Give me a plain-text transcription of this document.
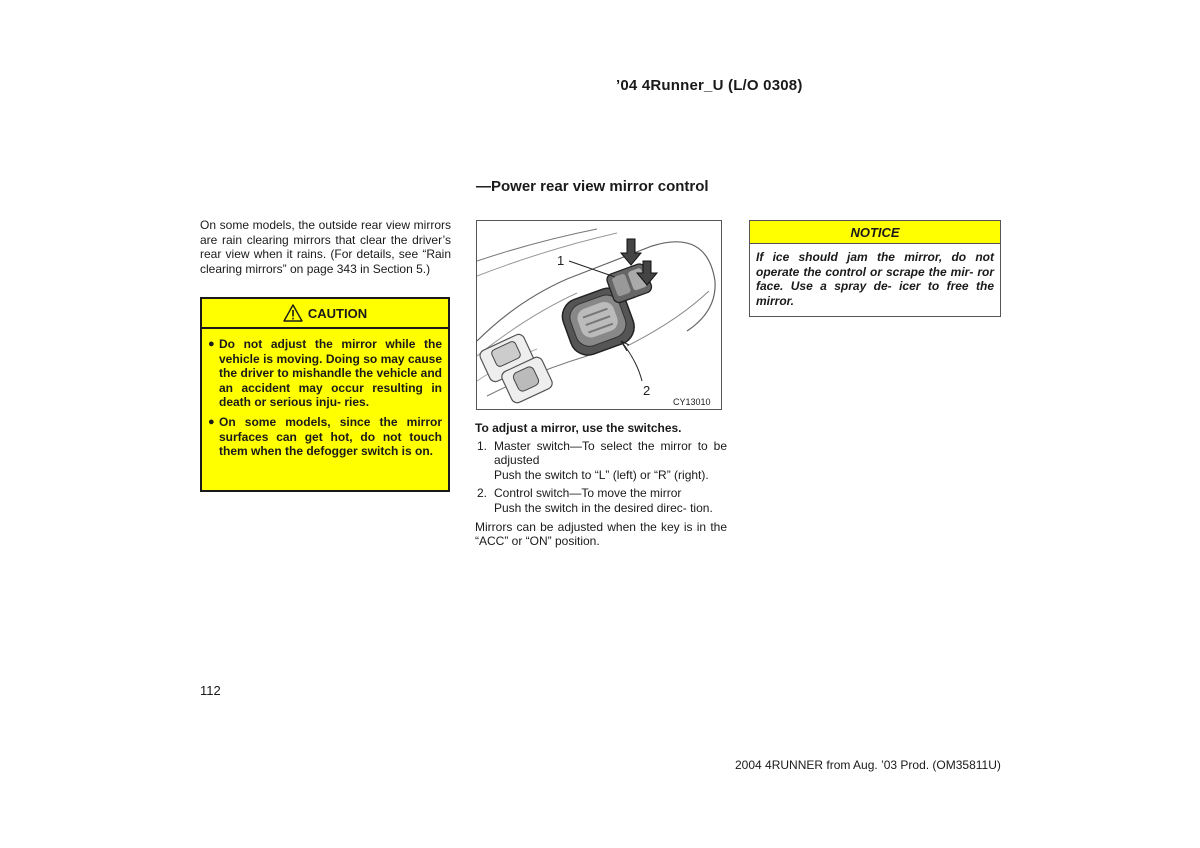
’04 4Runner_U (L/O 0308)
On some models, the outside rear view mirrors are rain clearing mirrors that clear the driver’s rear view when it rains. (For details, see “Rain clearing mirrors” on page 343 in Section 5.)
CAUTION
● Do not adjust the mirror while the vehicle is moving. Doing so may cause the driver to mishandle the vehicle and an accident may occur resulting in death or serious inju- ries.
● On some models, since the mirror surfaces can get hot, do not touch them when the defogger switch is on.
—Power rear view mirror control
1
2
CY13010
To adjust a mirror, use the switches.
1. Master switch—To select the mirror to be adjusted
Push the switch to “L” (left) or “R” (right).
2. Control switch—To move the mirror
Push the switch in the desired direc- tion.
Mirrors can be adjusted when the key is in the “ACC” or “ON” position.
NOTICE
If ice should jam the mirror, do not operate the control or scrape the mir- ror face. Use a spray de- icer to free the mirror.
112
2004 4RUNNER from Aug. ’03 Prod. (OM35811U)
